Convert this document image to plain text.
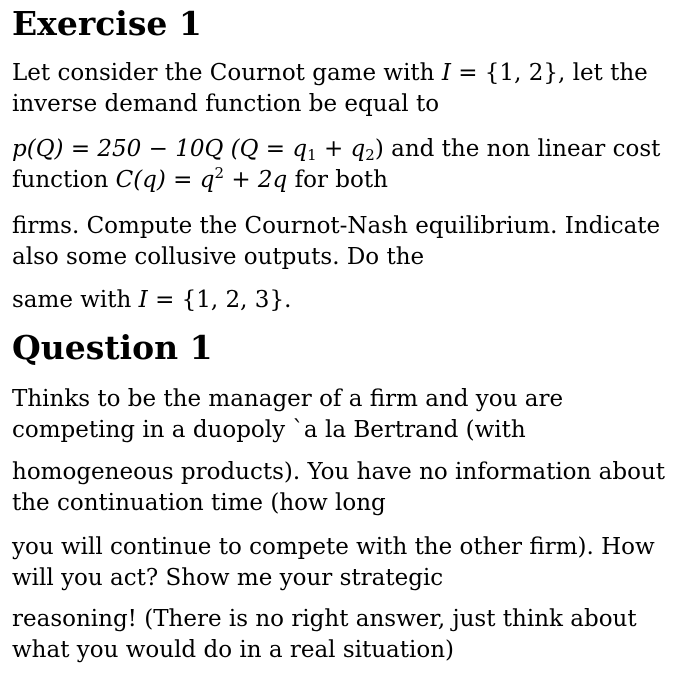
Exercise 1

Let consider the Cournot game with I = {1, 2}, let the
inverse demand function be equal to

p(Q) = 250 − 10Q $(Q = q_1 + q_2)$ and the non linear cost
function $C(q) = q^2 + 2q$ for both

firms. Compute the Cournot-Nash equilibrium. Indicate
also some collusive outputs. Do the

same with I = {1, 2, 3}.

Question 1

Thinks to be the manager of a firm and you are
competing in a duopoly `a la Bertrand (with

homogeneous products). You have no information about
the continuation time (how long

you will continue to compete with the other firm). How
will you act? Show me your strategic

reasoning! (There is no right answer, just think about
what you would do in a real situation)
